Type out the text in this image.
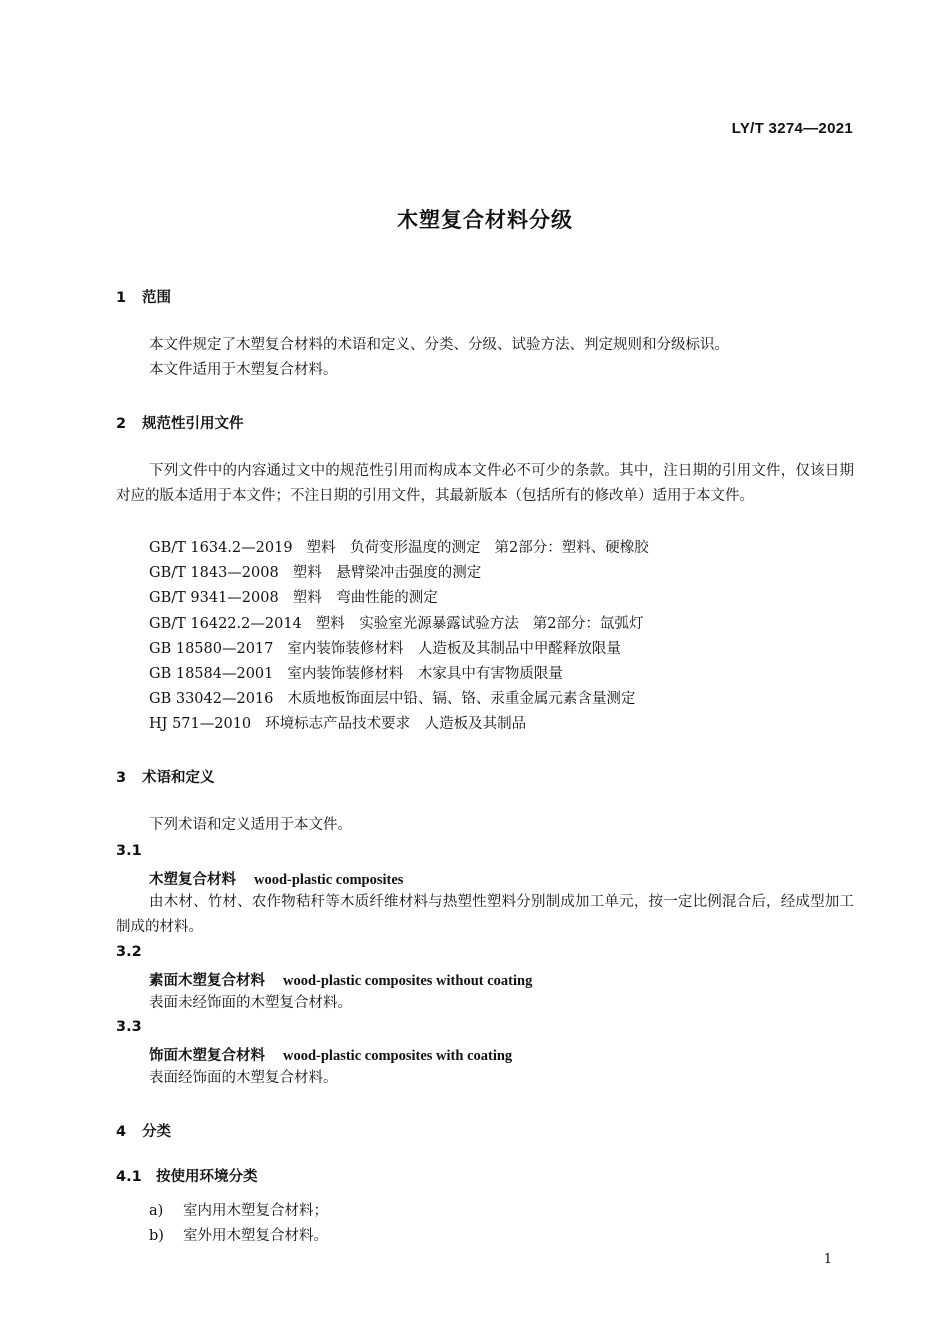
LY/T 3274—2021
木塑复合材料分级
1 范围
本文件规定了木塑复合材料的术语和定义、分类、分级、试验方法、判定规则和分级标识。
本文件适用于木塑复合材料。
2 规范性引用文件
下列文件中的内容通过文中的规范性引用而构成本文件必不可少的条款。其中，注日期的引用文件，仅该日期对应的版本适用于本文件；不注日期的引用文件，其最新版本（包括所有的修改单）适用于本文件。
GB/T 1634.2—2019 塑料　负荷变形温度的测定 第2部分：塑料、硬橡胶
GB/T 1843—2008 塑料　悬臂梁冲击强度的测定
GB/T 9341—2008 塑料　弯曲性能的测定
GB/T 16422.2—2014 塑料　实验室光源暴露试验方法 第2部分：氙弧灯
GB 18580—2017 室内装饰装修材料　人造板及其制品中甲醛释放限量
GB 18584—2001 室内装饰装修材料　木家具中有害物质限量
GB 33042—2016 木质地板饰面层中铅、镉、铬、汞重金属元素含量测定
HJ 571—2010 环境标志产品技术要求　人造板及其制品
3 术语和定义
下列术语和定义适用于本文件。
3.1
木塑复合材料 wood-plastic composites
由木材、竹材、农作物秸秆等木质纤维材料与热塑性塑料分别制成加工单元，按一定比例混合后，经成型加工制成的材料。
3.2
素面木塑复合材料 wood-plastic composites without coating
表面未经饰面的木塑复合材料。
3.3
饰面木塑复合材料 wood-plastic composites with coating
表面经饰面的木塑复合材料。
4 分类
4.1 按使用环境分类
a) 室内用木塑复合材料；
b) 室外用木塑复合材料。
1
